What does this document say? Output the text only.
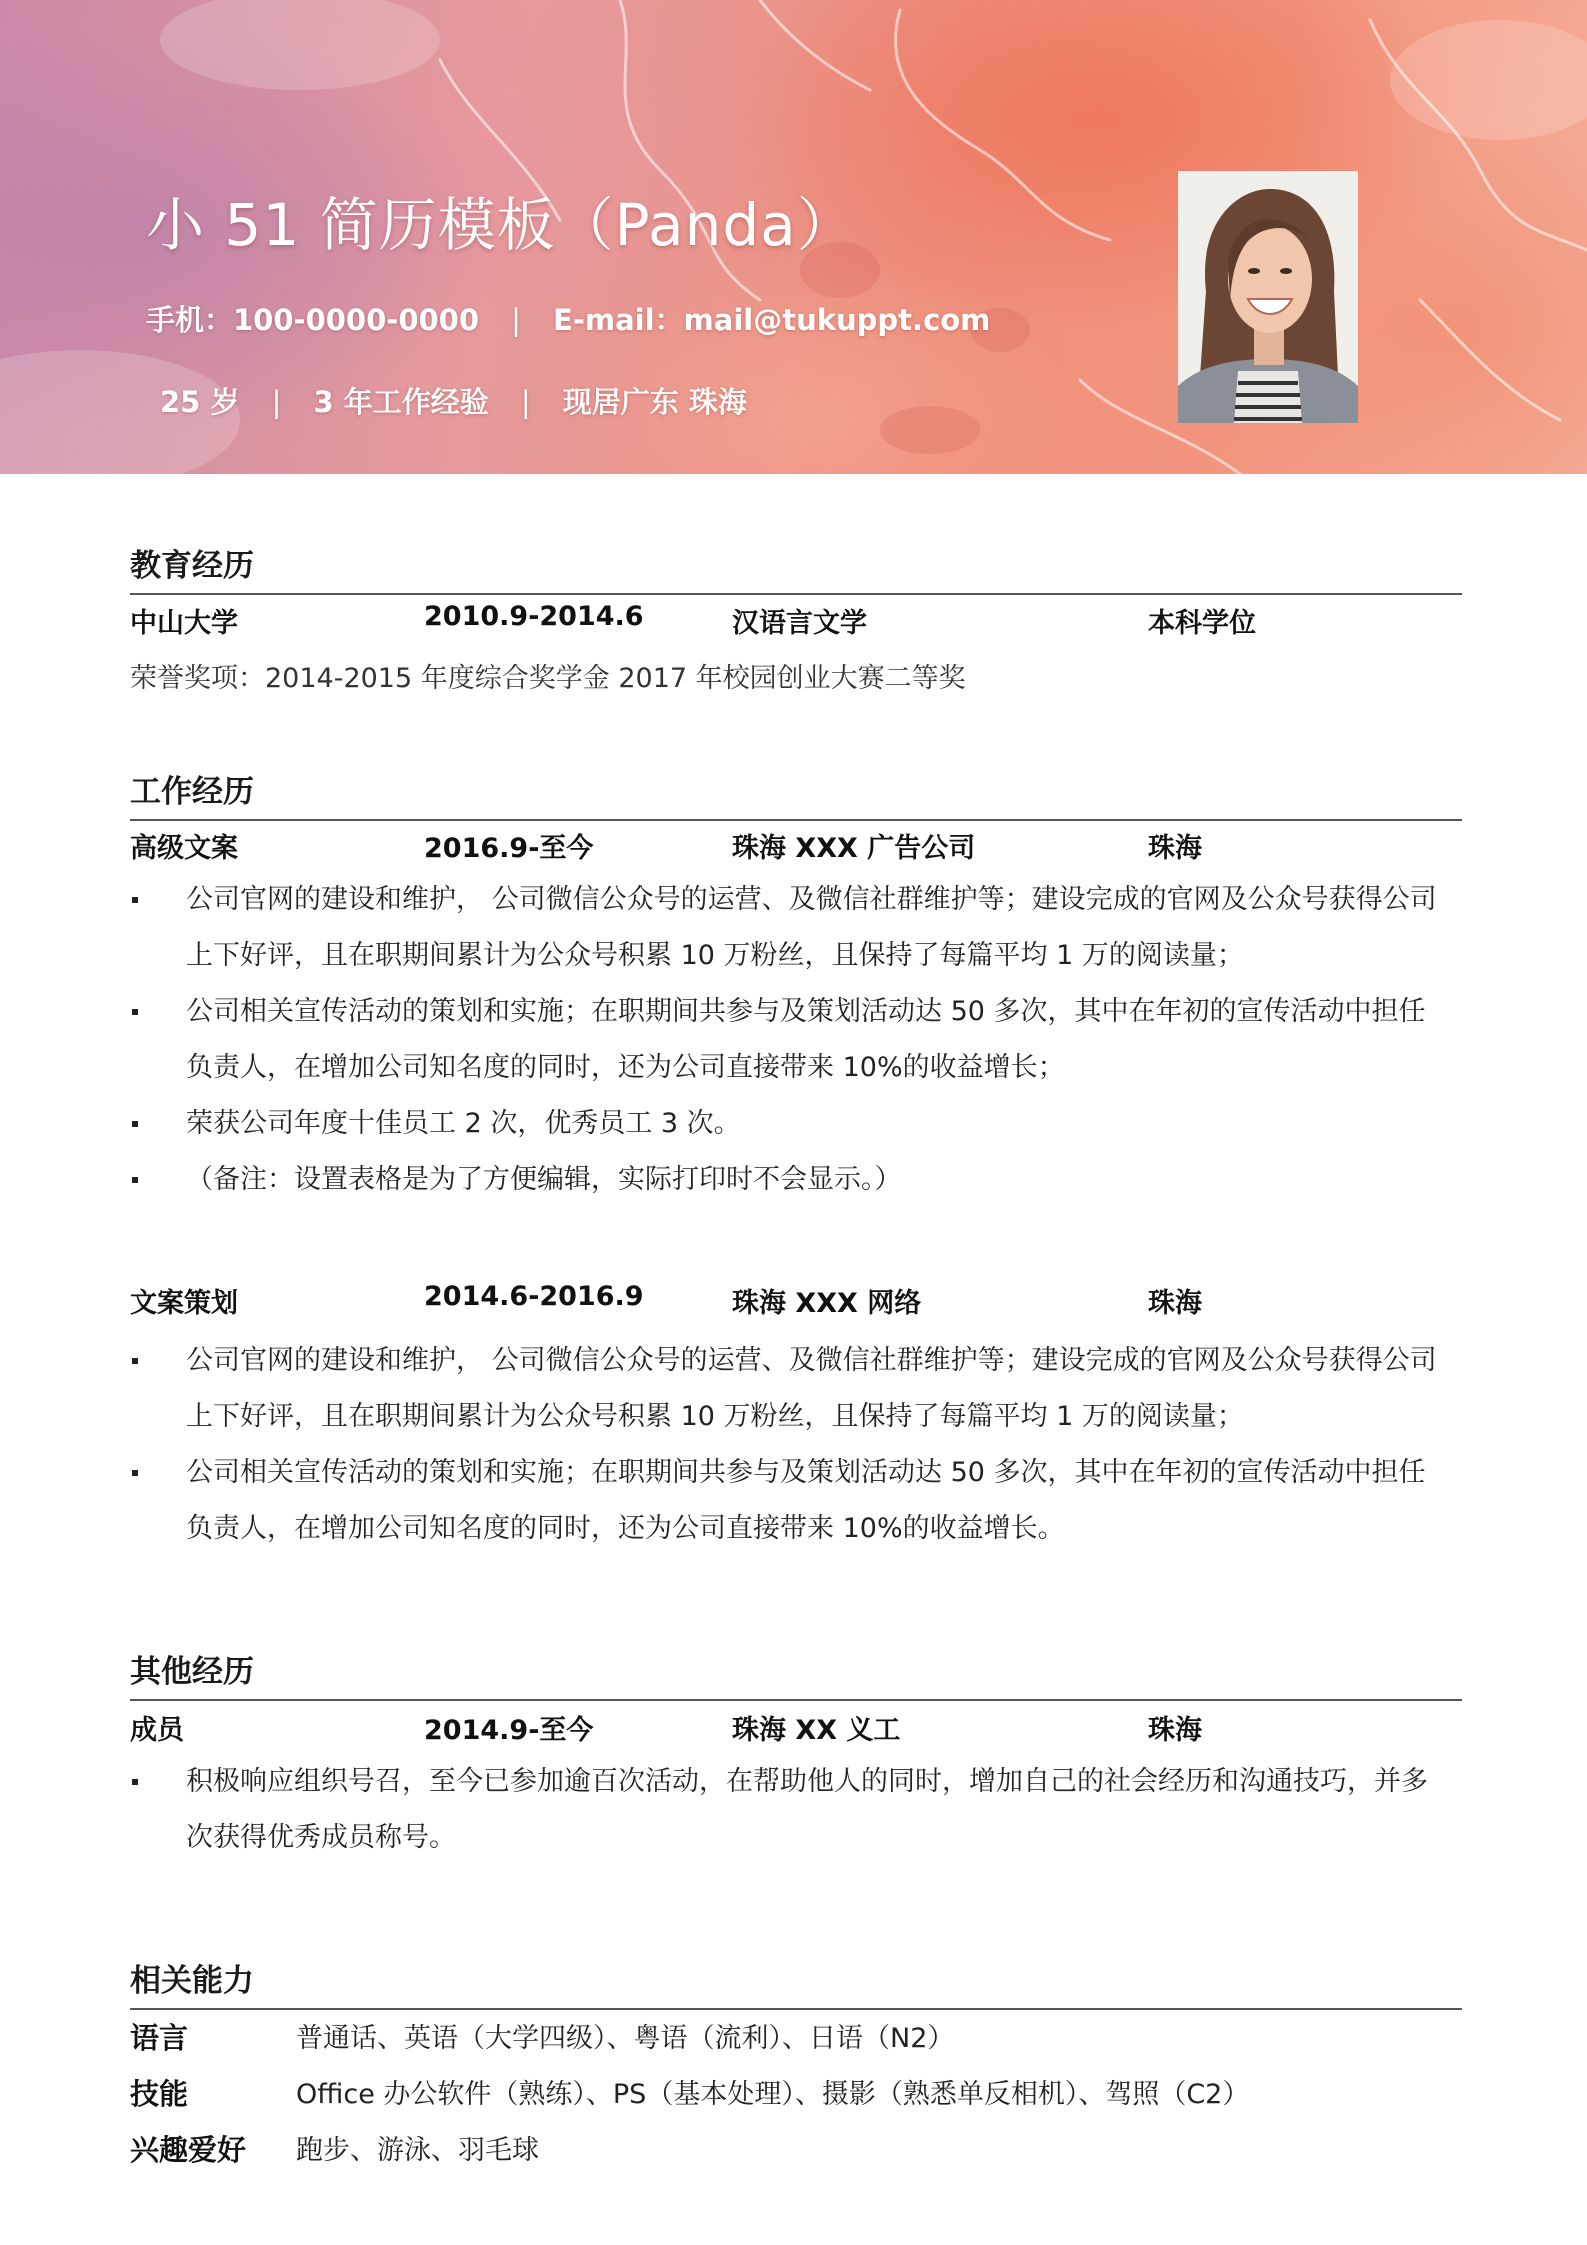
小 51 简历模板（Panda）
手机：100-0000-0000 | E-mail：mail@tukuppt.com
25 岁 | 3 年工作经验 | 现居广东 珠海
教育经历
中山大学	2010.9-2014.6	汉语言文学	本科学位
荣誉奖项：2014-2015 年度综合奖学金 2017 年校园创业大赛二等奖
工作经历
高级文案	2016.9-至今	珠海 XXX 广告公司	珠海
公司官网的建设和维护， 公司微信公众号的运营、及微信社群维护等；建设完成的官网及公众号获得公司上下好评，且在职期间累计为公众号积累 10 万粉丝，且保持了每篇平均 1 万的阅读量；
公司相关宣传活动的策划和实施；在职期间共参与及策划活动达 50 多次，其中在年初的宣传活动中担任负责人，在增加公司知名度的同时，还为公司直接带来 10%的收益增长；
荣获公司年度十佳员工 2 次，优秀员工 3 次。
（备注：设置表格是为了方便编辑，实际打印时不会显示。）
文案策划	2014.6-2016.9	珠海 XXX 网络	珠海
公司官网的建设和维护， 公司微信公众号的运营、及微信社群维护等；建设完成的官网及公众号获得公司上下好评，且在职期间累计为公众号积累 10 万粉丝，且保持了每篇平均 1 万的阅读量；
公司相关宣传活动的策划和实施；在职期间共参与及策划活动达 50 多次，其中在年初的宣传活动中担任负责人，在增加公司知名度的同时，还为公司直接带来 10%的收益增长。
其他经历
成员	2014.9-至今	珠海 XX 义工	珠海
积极响应组织号召，至今已参加逾百次活动，在帮助他人的同时，增加自己的社会经历和沟通技巧，并多次获得优秀成员称号。
相关能力
语言	普通话、英语（大学四级）、粤语（流利）、日语（N2）
技能	Office 办公软件（熟练）、PS（基本处理）、摄影（熟悉单反相机）、驾照（C2）
兴趣爱好 跑步、游泳、羽毛球
